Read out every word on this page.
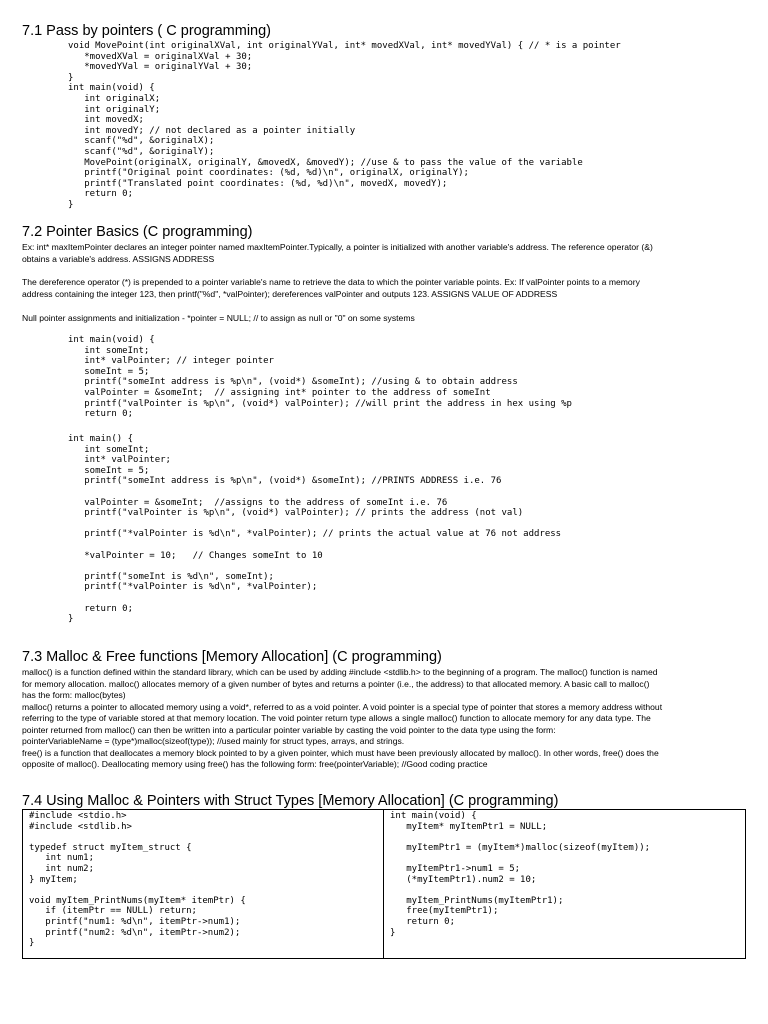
7.1 Pass by pointers ( C programming)
void MovePoint(int originalXVal, int originalYVal, int* movedXVal, int* movedYVal) { // * is a pointer
*movedXVal = originalXVal + 30;
*movedYVal = originalYVal + 30;
}
int main(void) {
int originalX;
int originalY;
int movedX;
int movedY; // not declared as a pointer initially
scanf("%d", &originalX);
scanf("%d", &originalY);
MovePoint(originalX, originalY, &movedX, &movedY); //use & to pass the value of the variable
printf("Original point coordinates: (%d, %d)\n", originalX, originalY);
printf("Translated point coordinates: (%d, %d)\n", movedX, movedY);
return 0;
}
7.2 Pointer Basics (C programming)
Ex: int* maxItemPointer declares an integer pointer named maxItemPointer.Typically, a pointer is initialized with another variable's address. The reference operator (&)
obtains a variable's address. ASSIGNS ADDRESS
The dereference operator (*) is prepended to a pointer variable's name to retrieve the data to which the pointer variable points. Ex: If valPointer points to a memory
address containing the integer 123, then printf("%d", *valPointer); dereferences valPointer and outputs 123. ASSIGNS VALUE OF ADDRESS
Null pointer assignments and initialization - *pointer = NULL; // to assign as null or "0" on some systems
int main(void) {
int someInt;
int* valPointer; // integer pointer
someInt = 5;
printf("someInt address is %p\n", (void*) &someInt); //using & to obtain address
valPointer = &someInt;  // assigning int* pointer to the address of someInt
printf("valPointer is %p\n", (void*) valPointer); //will print the address in hex using %p
return 0;
int main() {
int someInt;
int* valPointer;
someInt = 5;
printf("someInt address is %p\n", (void*) &someInt); //PRINTS ADDRESS i.e. 76

valPointer = &someInt;  //assigns to the address of someInt i.e. 76
printf("valPointer is %p\n", (void*) valPointer); // prints the address (not val)

printf("*valPointer is %d\n", *valPointer); // prints the actual value at 76 not address

*valPointer = 10;   // Changes someInt to 10

printf("someInt is %d\n", someInt);
printf("*valPointer is %d\n", *valPointer);

return 0;
}
7.3 Malloc & Free functions [Memory Allocation] (C programming)
malloc() is a function defined within the standard library, which can be used by adding #include <stdlib.h> to the beginning of a program. The malloc() function is named
for memory allocation. malloc() allocates memory of a given number of bytes and returns a pointer (i.e., the address) to that allocated memory. A basic call to malloc()
has the form: malloc(bytes)
malloc() returns a pointer to allocated memory using a void*, referred to as a void pointer. A void pointer is a special type of pointer that stores a memory address without
referring to the type of variable stored at that memory location. The void pointer return type allows a single malloc() function to allocate memory for any data type. The
pointer returned from malloc() can then be written into a particular pointer variable by casting the void pointer to the data type using the form:
pointerVariableName = (type*)malloc(sizeof(type)); //used mainly for struct types, arrays, and strings.
free() is a function that deallocates a memory block pointed to by a given pointer, which must have been previously allocated by malloc(). In other words, free() does the
opposite of malloc(). Deallocating memory using free() has the following form: free(pointerVariable); //Good coding practice
7.4 Using Malloc & Pointers with Struct Types [Memory Allocation] (C programming)
#include <stdio.h>
#include <stdlib.h>

typedef struct myItem_struct {
int num1;
int num2;
} myItem;

void myItem_PrintNums(myItem* itemPtr) {
if (itemPtr == NULL) return;
printf("num1: %d\n", itemPtr->num1);
printf("num2: %d\n", itemPtr->num2);
}
int main(void) {
myItem* myItemPtr1 = NULL;

myItemPtr1 = (myItem*)malloc(sizeof(myItem));

myItemPtr1->num1 = 5;
(*myItemPtr1).num2 = 10;

myItem_PrintNums(myItemPtr1);
free(myItemPtr1);
return 0;
}
